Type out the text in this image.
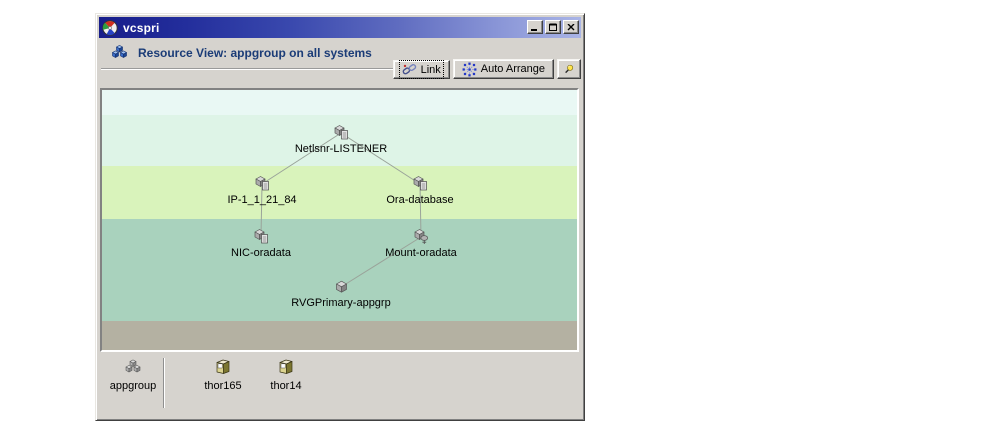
vcspri
Resource View: appgroup on all systems
Link	Auto Arrange
Netlsnr-LISTENER
IP-1_1_21_84	Ora-database
NIC-oradata	Mount-oradata
RVGPrimary-appgrp
appgroup	thor165	thor14
